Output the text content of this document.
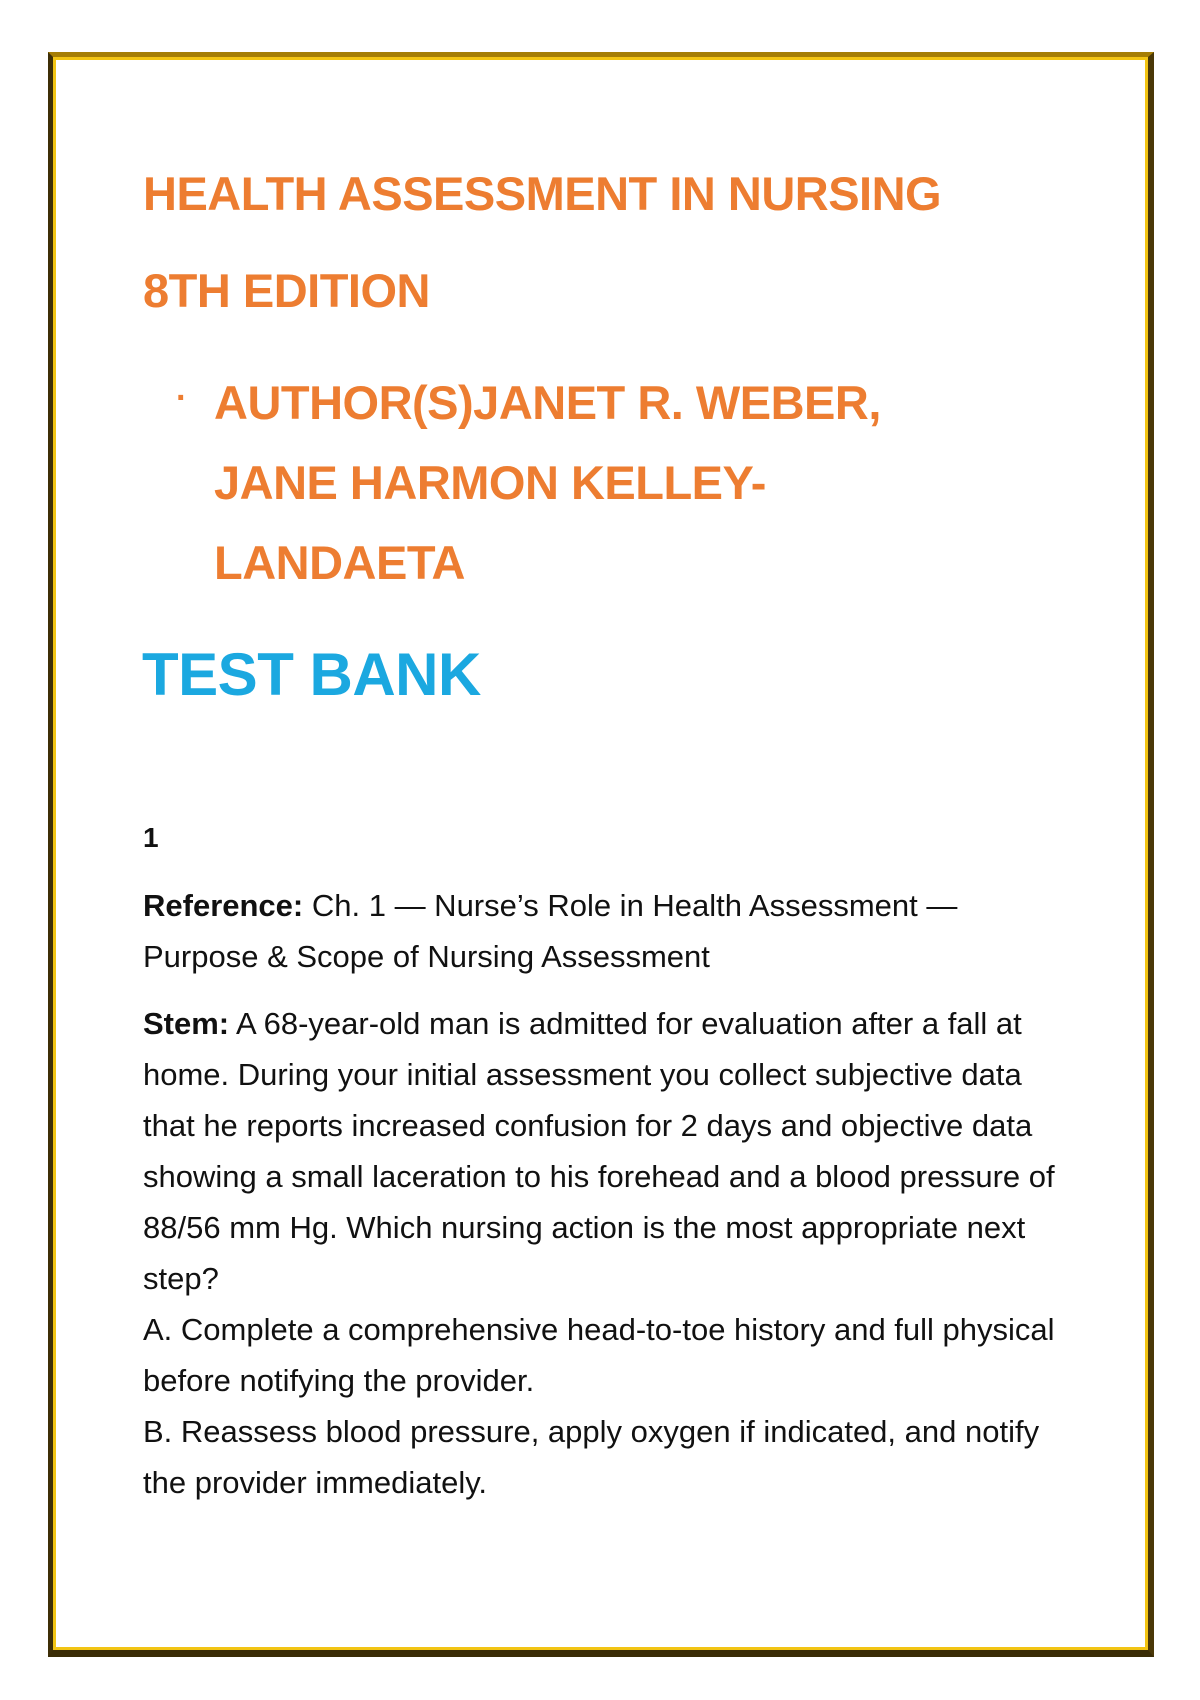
HEALTH ASSESSMENT IN NURSING
8TH EDITION
· AUTHOR(S)JANET R. WEBER, JANE HARMON KELLEY-LANDAETA

TEST BANK
1

Reference: Ch. 1 — Nurse’s Role in Health Assessment — Purpose & Scope of Nursing Assessment

Stem: A 68-year-old man is admitted for evaluation after a fall at home. During your initial assessment you collect subjective data that he reports increased confusion for 2 days and objective data showing a small laceration to his forehead and a blood pressure of 88/56 mm Hg. Which nursing action is the most appropriate next step?

A. Complete a comprehensive head-to-toe history and full physical before notifying the provider.

B. Reassess blood pressure, apply oxygen if indicated, and notify the provider immediately.
